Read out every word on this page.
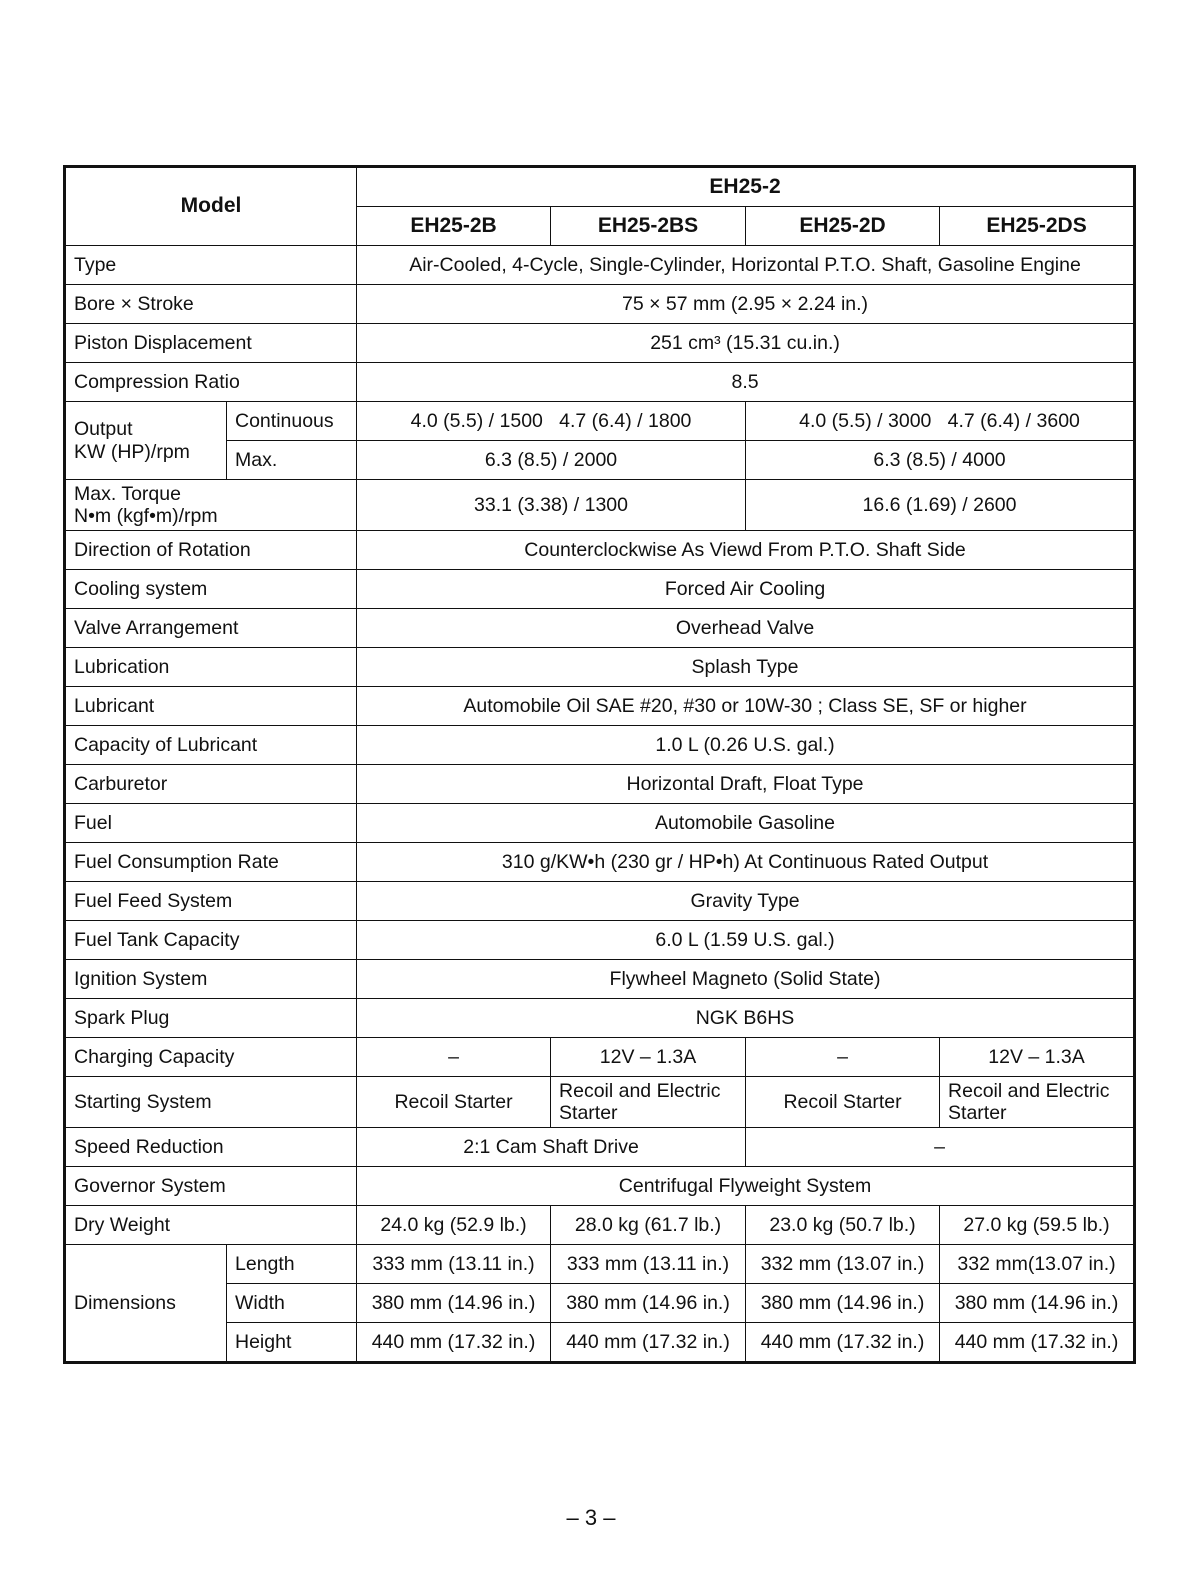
Model		EH25-2			
		EH25-2B	EH25-2BS	EH25-2D	EH25-2DS
Type		Air-Cooled, 4-Cycle, Single-Cylinder, Horizontal P.T.O. Shaft, Gasoline Engine			
Bore × Stroke		75 × 57 mm (2.95 × 2.24 in.)			
Piston Displacement		251 cm³ (15.31 cu.in.)			
Compression Ratio		8.5			

Output
KW (HP)/rpm	Continuous	4.0 (5.5) / 1500   4.7 (6.4) / 1800		4.0 (5.5) / 3000   4.7 (6.4) / 3600	
	Max.	6.3 (8.5) / 2000		6.3 (8.5) / 4000	

Max. Torque
N•m (kgf•m)/rpm		33.1 (3.38) / 1300		16.6 (1.69) / 2600	
Direction of Rotation		Counterclockwise As Viewd From P.T.O. Shaft Side			
Cooling system		Forced Air Cooling			
Valve Arrangement		Overhead Valve			
Lubrication		Splash Type			
Lubricant		Automobile Oil SAE #20, #30 or 10W-30 ; Class SE, SF or higher			
Capacity of Lubricant		1.0 L (0.26 U.S. gal.)			
Carburetor		Horizontal Draft, Float Type			
Fuel		Automobile Gasoline			
Fuel Consumption Rate		310 g/KW•h (230 gr / HP•h) At Continuous Rated Output			
Fuel Feed System		Gravity Type			
Fuel Tank Capacity		6.0 L (1.59 U.S. gal.)			
Ignition System		Flywheel Magneto (Solid State)			
Spark Plug		NGK B6HS			
Charging Capacity		–	12V – 1.3A	–	12V – 1.3A
Starting System		Recoil Starter	Recoil and Electric Starter	Recoil Starter	Recoil and Electric Starter
Speed Reduction		2:1 Cam Shaft Drive		–	
Governor System		Centrifugal Flyweight System			
Dry Weight		24.0 kg (52.9 lb.)	28.0 kg (61.7 lb.)	23.0 kg (50.7 lb.)	27.0 kg (59.5 lb.)
Dimensions	Length	333 mm (13.11 in.)	333 mm (13.11 in.)	332 mm (13.07 in.)	332 mm(13.07 in.)
	Width	380 mm (14.96 in.)	380 mm (14.96 in.)	380 mm (14.96 in.)	380 mm (14.96 in.)
	Height	440 mm (17.32 in.)	440 mm (17.32 in.)	440 mm (17.32 in.)	440 mm (17.32 in.)
– 3 –
